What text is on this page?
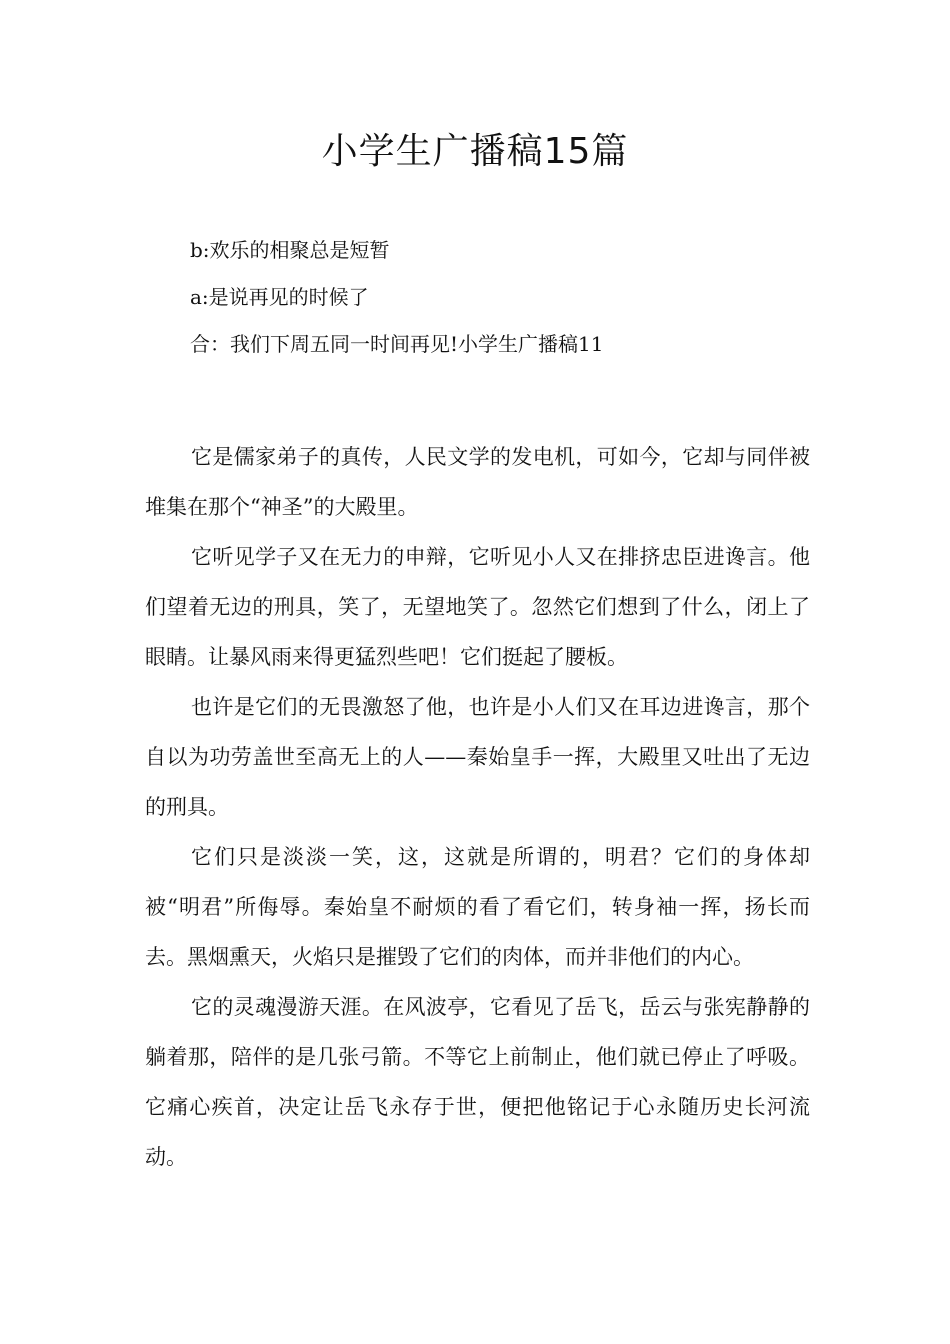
小学生广播稿15篇
b:欢乐的相聚总是短暂
a:是说再见的时候了
合：我们下周五同一时间再见!小学生广播稿11

它是儒家弟子的真传，人民文学的发电机，可如今，它却与同伴被堆集在那个“神圣”的大殿里。

它听见学子又在无力的申辩，它听见小人又在排挤忠臣进谗言。他们望着无边的刑具，笑了，无望地笑了。忽然它们想到了什么，闭上了眼睛。让暴风雨来得更猛烈些吧！它们挺起了腰板。

也许是它们的无畏激怒了他，也许是小人们又在耳边进谗言，那个自以为功劳盖世至高无上的人——秦始皇手一挥，大殿里又吐出了无边的刑具。

它们只是淡淡一笑，这，这就是所谓的，明君？它们的身体却被“明君”所侮辱。秦始皇不耐烦的看了看它们，转身袖一挥，扬长而去。黑烟熏天，火焰只是摧毁了它们的肉体，而并非他们的内心。

它的灵魂漫游天涯。在风波亭，它看见了岳飞，岳云与张宪静静的躺着那，陪伴的是几张弓箭。不等它上前制止，他们就已停止了呼吸。它痛心疾首，决定让岳飞永存于世，便把他铭记于心永随历史长河流动。
